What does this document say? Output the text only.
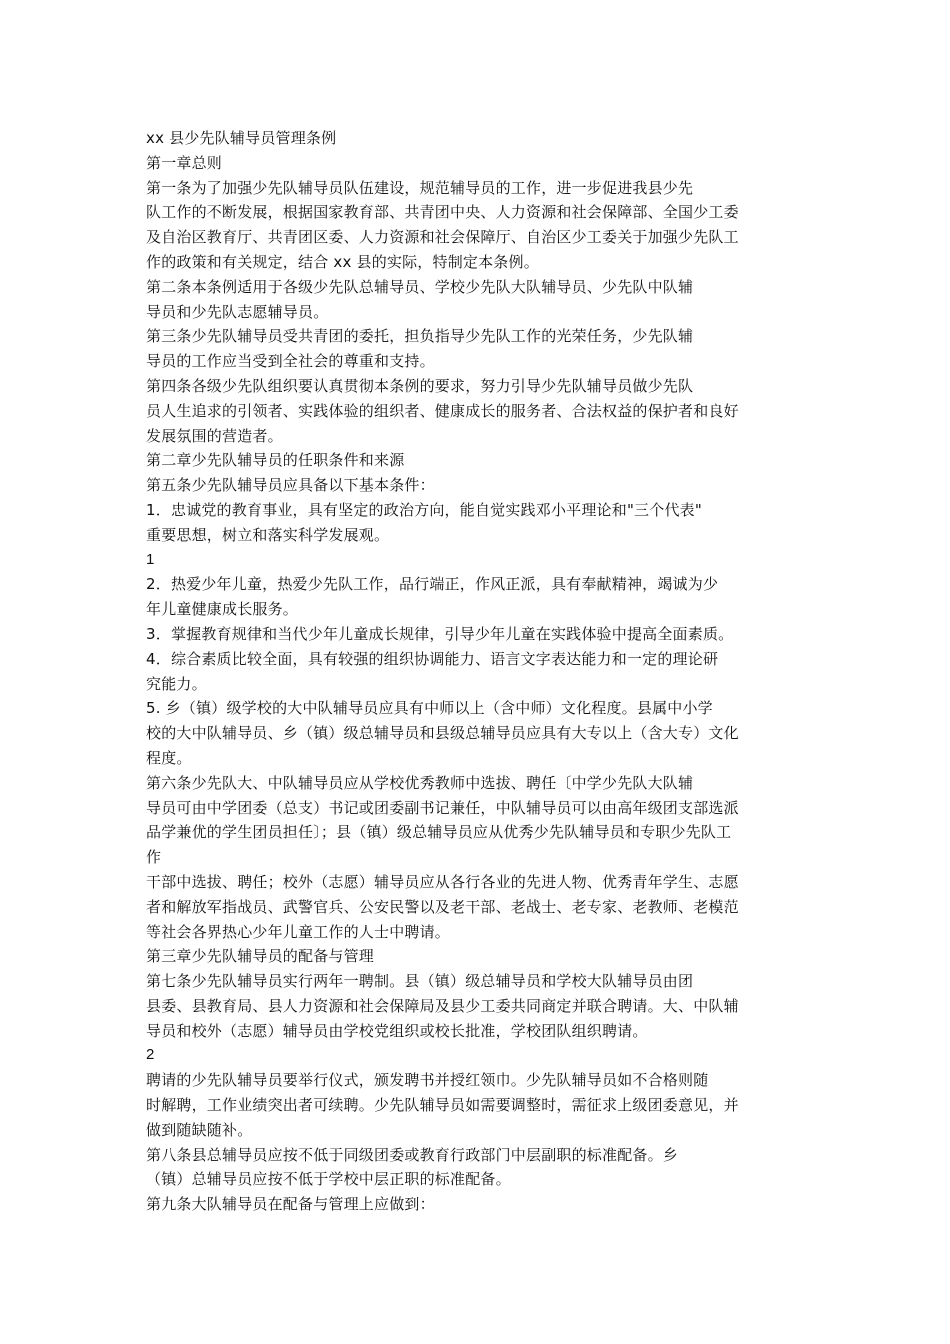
xx 县少先队辅导员管理条例
第一章总则
第一条为了加强少先队辅导员队伍建设，规范辅导员的工作，进一步促进我县少先
队工作的不断发展，根据国家教育部、共青团中央、人力资源和社会保障部、全国少工委
及自治区教育厅、共青团区委、人力资源和社会保障厅、自治区少工委关于加强少先队工
作的政策和有关规定，结合 xx 县的实际，特制定本条例。
第二条本条例适用于各级少先队总辅导员、学校少先队大队辅导员、少先队中队辅
导员和少先队志愿辅导员。
第三条少先队辅导员受共青团的委托，担负指导少先队工作的光荣任务，少先队辅
导员的工作应当受到全社会的尊重和支持。
第四条各级少先队组织要认真贯彻本条例的要求，努力引导少先队辅导员做少先队
员人生追求的引领者、实践体验的组织者、健康成长的服务者、合法权益的保护者和良好
发展氛围的营造者。
第二章少先队辅导员的任职条件和来源
第五条少先队辅导员应具备以下基本条件：
1．忠诚党的教育事业，具有坚定的政治方向，能自觉实践邓小平理论和"三个代表"
重要思想，树立和落实科学发展观。
1
2．热爱少年儿童，热爱少先队工作，品行端正，作风正派，具有奉献精神，竭诚为少
年儿童健康成长服务。
3．掌握教育规律和当代少年儿童成长规律，引导少年儿童在实践体验中提高全面素质。
4．综合素质比较全面，具有较强的组织协调能力、语言文字表达能力和一定的理论研
究能力。
5. 乡（镇）级学校的大中队辅导员应具有中师以上（含中师）文化程度。县属中小学
校的大中队辅导员、乡（镇）级总辅导员和县级总辅导员应具有大专以上（含大专）文化
程度。
第六条少先队大、中队辅导员应从学校优秀教师中选拔、聘任〔中学少先队大队辅
导员可由中学团委（总支）书记或团委副书记兼任，中队辅导员可以由高年级团支部选派
品学兼优的学生团员担任〕；县（镇）级总辅导员应从优秀少先队辅导员和专职少先队工
作
干部中选拔、聘任；校外（志愿）辅导员应从各行各业的先进人物、优秀青年学生、志愿
者和解放军指战员、武警官兵、公安民警以及老干部、老战士、老专家、老教师、老模范
等社会各界热心少年儿童工作的人士中聘请。
第三章少先队辅导员的配备与管理
第七条少先队辅导员实行两年一聘制。县（镇）级总辅导员和学校大队辅导员由团
县委、县教育局、县人力资源和社会保障局及县少工委共同商定并联合聘请。大、中队辅
导员和校外（志愿）辅导员由学校党组织或校长批准，学校团队组织聘请。
2
聘请的少先队辅导员要举行仪式，颁发聘书并授红领巾。少先队辅导员如不合格则随
时解聘，工作业绩突出者可续聘。少先队辅导员如需要调整时，需征求上级团委意见，并
做到随缺随补。
第八条县总辅导员应按不低于同级团委或教育行政部门中层副职的标准配备。乡
（镇）总辅导员应按不低于学校中层正职的标准配备。
第九条大队辅导员在配备与管理上应做到：
